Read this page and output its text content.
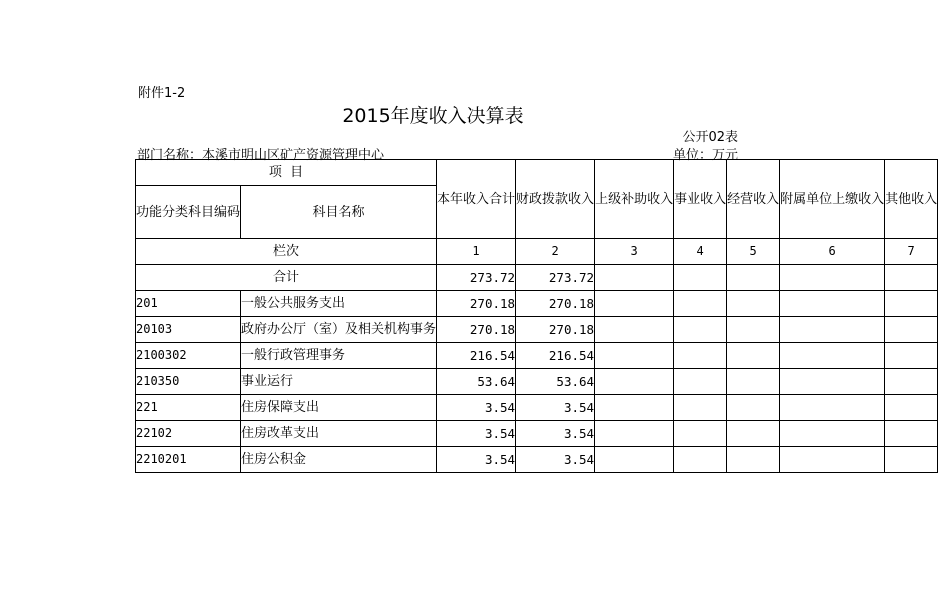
附件1-2
2015年度收入决算表
公开02表
部门名称：本溪市明山区矿产资源管理中心	单位：万元
项  目		本年收入合计	财政拨款收入	上级补助收入	事业收入	经营收入	附属单位上缴收入	其他收入
功能分类科目编码	科目名称							
栏次		1	2	3	4	5	6	7
合计		273.72	273.72					
201	一般公共服务支出	270.18	270.18					
20103	政府办公厅（室）及相关机构事务	270.18	270.18					
2100302	一般行政管理事务	216.54	216.54					
210350	事业运行	53.64	53.64					
221	住房保障支出	3.54	3.54					
22102	住房改革支出	3.54	3.54					
2210201	住房公积金	3.54	3.54					
